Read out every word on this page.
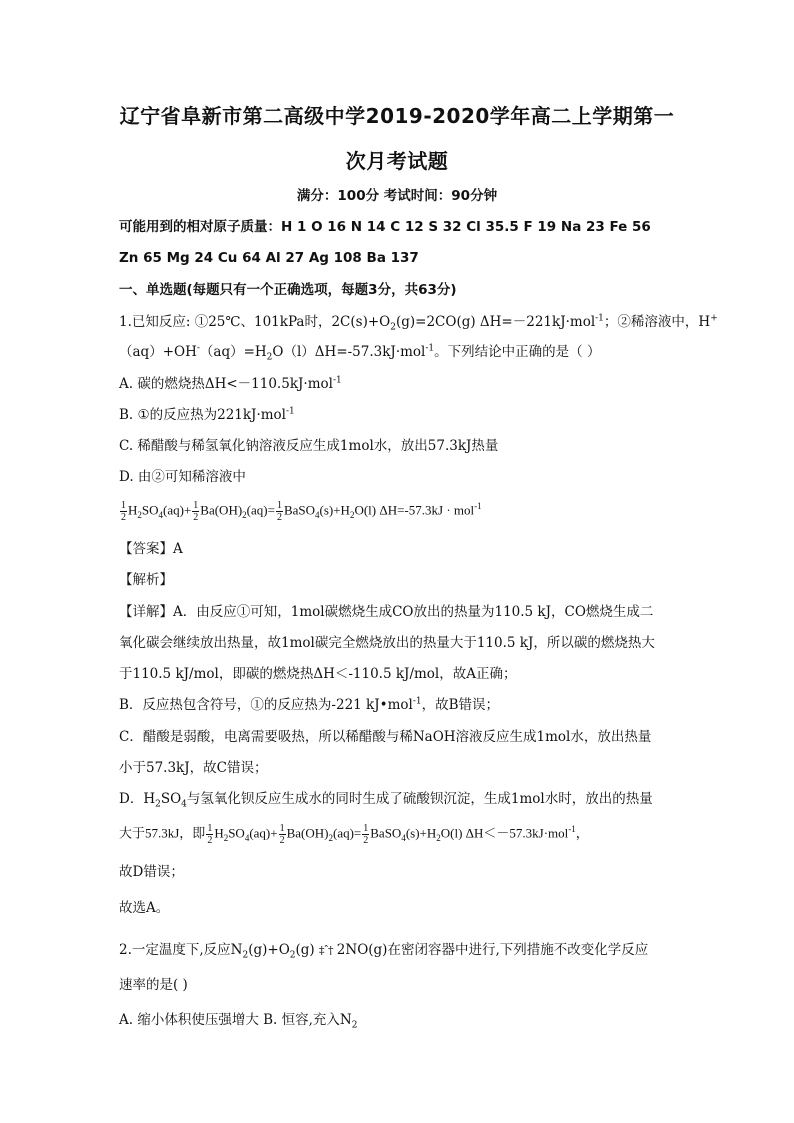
辽宁省阜新市第二高级中学2019-2020学年高二上学期第一
次月考试题
满分：100分 考试时间：90分钟
可能用到的相对原子质量：H 1 O 16 N 14 C 12 S 32 Cl 35.5 F 19 Na 23 Fe 56
Zn 65 Mg 24 Cu 64 Al 27 Ag 108 Ba 137
一、单选题(每题只有一个正确选项，每题3分，共63分)
1.已知反应: ①25℃、101kPa时，$2C(s)+O_2(g)=2CO(g)$ ΔH=－221kJ·mol$^{-1}$；②稀溶液中，H+
$(aq)+OH^-(aq)=H_2O(l)\Delta H=-57.3kJ\cdot mol^{-1}$。下列结论中正确的是（ ）
A. 碳的燃烧热ΔH<－110.5kJ·mol$^{-1}$
B. ①的反应热为221kJ·mol$^{-1}$
C. 稀醋酸与稀氢氧化钠溶液反应生成1mol水，放出57.3kJ热量
D. 由②可知稀溶液中
$\frac{1}{2} H_2SO_4(aq)+ \frac{1}{2} Ba(OH)_2(aq)= \frac{1}{2}$ $BaSO_4(s)+H_2O(l) \Delta H=-57.3kJ \cdot mol^{-1}$
【答案】A
【解析】
【详解】A．由反应①可知，1mol碳燃烧生成CO放出的热量为110.5 kJ，CO燃烧生成二
氧化碳会继续放出热量，故1mol碳完全燃烧放出的热量大于110.5 kJ，所以碳的燃烧热大
于110.5 kJ/mol，即碳的燃烧热ΔH＜-110.5 kJ/mol，故A正确；
B．反应热包含符号，①的反应热为-221 kJ•mol$^{-1}$，故B错误；
C．醋酸是弱酸，电离需要吸热，所以稀醋酸与稀NaOH溶液反应生成1mol水，放出热量
小于57.3kJ，故C错误；
D．$H_2SO_4$与氢氧化钡反应生成水的同时生成了硫酸钡沉淀，生成1mol水时，放出的热量
大于57.3kJ，即 $\frac{1}{2} H_2SO_4(aq)+ \frac{1}{2} Ba(OH)_2(aq)= \frac{1}{2}$ $BaSO_4(s)+H_2O(l)$ ΔH＜－57.3kJ·mol$^{-1}$，
故D错误；
故选A。
2.一定温度下,反应$N_2(g)+O_2(g)$ ‡ˆ† 2NO(g)在密闭容器中进行,下列措施不改变化学反应
速率的是( )
A. 缩小体积使压强增大 B. 恒容,充入$N_2$
